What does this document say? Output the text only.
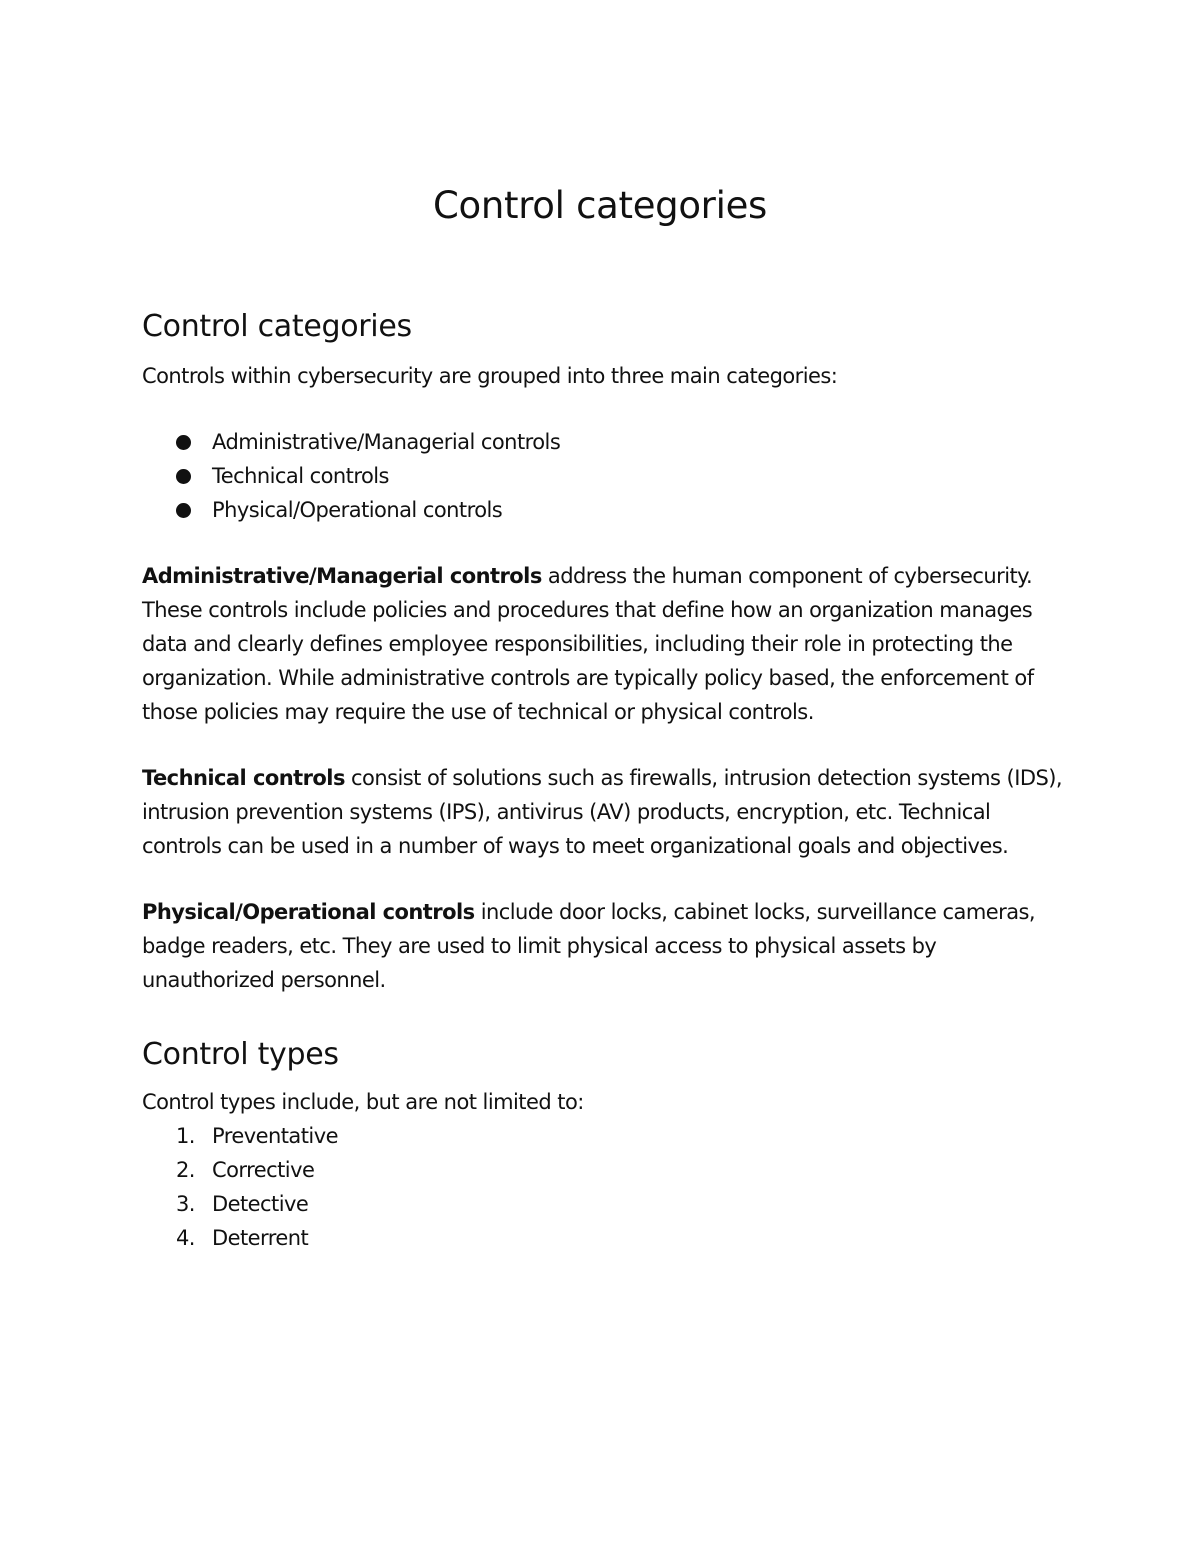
Control categories
Control categories

Controls within cybersecurity are grouped into three main categories:

Administrative/Managerial controls
Technical controls
Physical/Operational controls

Administrative/Managerial controls address the human component of cybersecurity. These controls include policies and procedures that define how an organization manages data and clearly defines employee responsibilities, including their role in protecting the organization. While administrative controls are typically policy based, the enforcement of those policies may require the use of technical or physical controls.

Technical controls consist of solutions such as firewalls, intrusion detection systems (IDS), intrusion prevention systems (IPS), antivirus (AV) products, encryption, etc. Technical controls can be used in a number of ways to meet organizational goals and objectives.

Physical/Operational controls include door locks, cabinet locks, surveillance cameras, badge readers, etc. They are used to limit physical access to physical assets by unauthorized personnel.

Control types

Control types include, but are not limited to:

1. Preventative
2. Corrective
3. Detective
4. Deterrent
